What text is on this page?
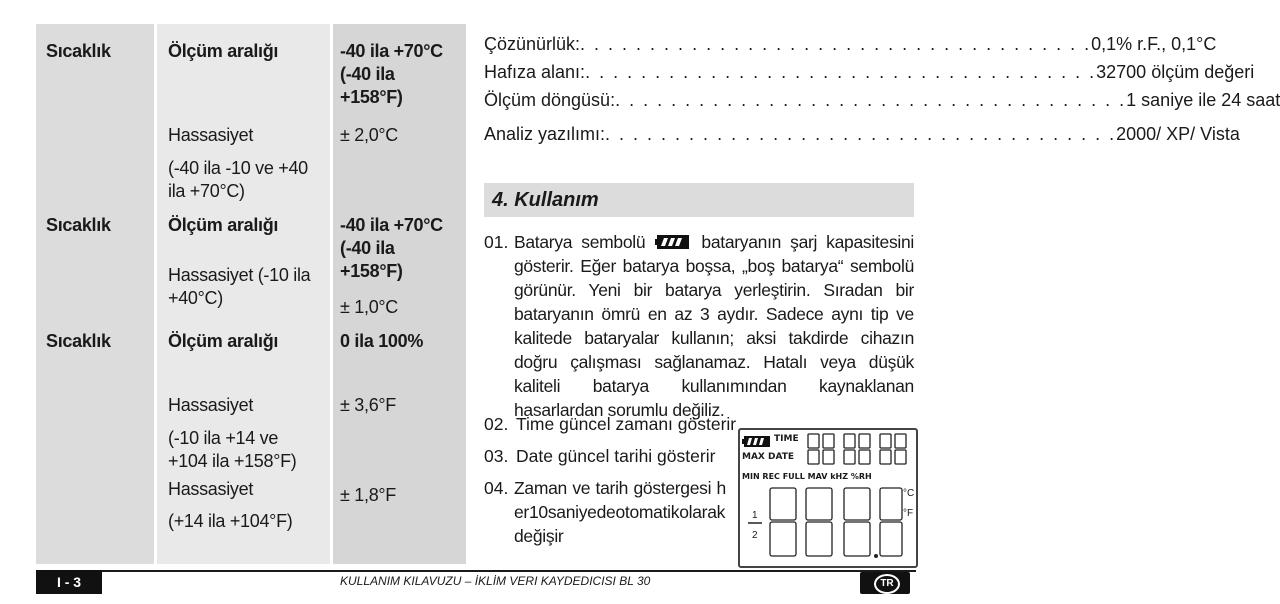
Sıcaklık	Ölçüm aralığı	-40 ila +70°C (-40 ila +158°F)
Hassasiyet	± 2,0°C
(-40 ila -10 ve +40 ila +70°C)
Sıcaklık	Ölçüm aralığı	-40 ila +70°C (-40 ila +158°F)
Hassasiyet (-10 ila +40°C)	± 1,0°C
Sıcaklık	Ölçüm aralığı	0 ila 100%
Hassasiyet	± 3,6°F
(-10 ila +14 ve +104 ila +158°F)
Hassasiyet	± 1,8°F
(+14 ila +104°F)
Çözünürlük: . . . . . . . . . . . . . . . . . . . . . . . . . . . . . . . . . . . . . 0,1% r.F., 0,1°C
Hafıza alanı: . . . . . . . . . . . . . . . . . . . . . . . . . . . . . . . . . . . . . 32700 ölçüm değeri
Ölçüm döngüsü: . . . . . . . . . . . . . . . . . . . . . . . . . . . . . . . . . . . . . 1 saniye ile 24 saat
Analiz yazılımı: . . . . . . . . . . . . . . . . . . . . . . . . . . . . . . . . . . . . . 2000/ XP/ Vista
4. Kullanım
01. Batarya sembolü	bataryanın şarj kapasitesini gösterir. Eğer batarya boşsa, „boş batarya“ sembolü görünür. Yeni bir batarya yerleştirin. Sıradan bir bataryanın ömrü en az 3 aydır. Sadece aynı tip ve kalitede bataryalar kullanın; aksi takdirde cihazın doğru çalışması sağlanamaz. Hatalı veya düşük kaliteli batarya kullanımından kaynaklanan hasarlardan sorumlu değiliz.
02. Time güncel zamanı gösterir
03. Date güncel tarihi gösterir
04. Zaman ve tarih göstergesi her10saniyedeotomatikolarak değişir
TIME
MAX DATE
MIN REC FULL MAV kHZ %RH
°C
°F
1
2
I - 3	KULLANIM KILAVUZU – İKLİM VERI KAYDEDICISI BL 30	TR
